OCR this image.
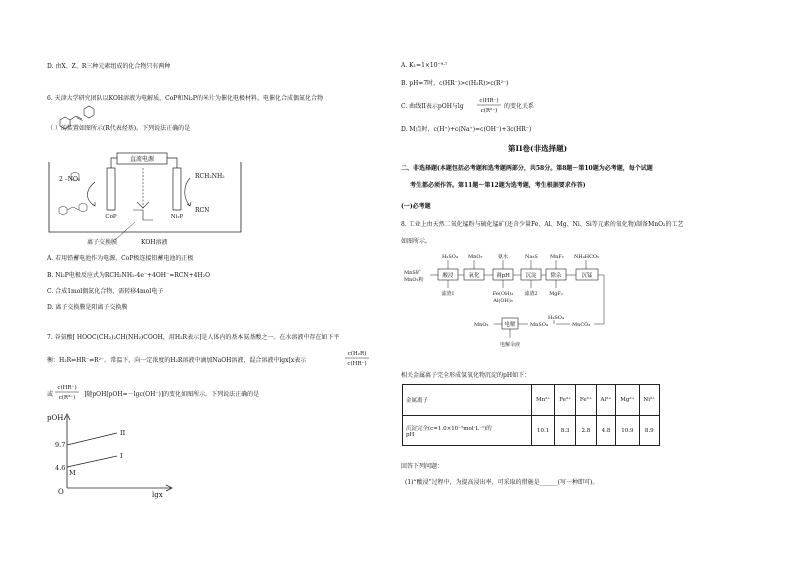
D. 由X、Z、R三种元素组成的化合物只有两种
6. 天津大学研究团队以KOH溶液为电解质，CoP和Ni₂P的米片为催化电极材料，电催化合成偶氮化合物
（ ）的装置如图所示(R代表烃基)。下列说法正确的是
直流电源
CoP	Ni₂P
2 –NO₂	RCH₂NH₂
RCN
离子交换膜	KOH溶液
A. 若用铅蓄电池作为电源，CoP极连接铅蓄电池的正极
B. Ni₂P电极反应式为RCH₂NH₂-4e⁻+4OH⁻=RCN+4H₂O
C. 合成1mol偶氮化合物，需转移4mol电子
D. 离子交换膜是阳离子交换膜
7. 谷氨酸[ HOOC(CH₂)₂CH(NH₂)COOH，用H₂R表示]是人体内的基本氨基酸之一。在水溶液中存在如下平
衡：H₂R⇌HR⁻⇌R²⁻。常温下，向一定浓度的H₂R溶液中滴加NaOH溶液，混合溶液中lgx[x表示
c(H₂R)
c(HR⁻)
或
c(HR⁻)
c(R²⁻) ]随pOH[pOH=－lgc(OH⁻)]的变化如图所示。下列说法正确的是
pOH
lgx
O
9.7
4.6
II
I
M
A. K₁=1×10⁻⁹·⁷
B. pH=7时，c(HR⁻)>c(H₂R)>c(R²⁻)
C. 曲线II表示pOH与lg
c(HR⁻)
c(R²⁻)
的变化关系
D. M点时，c(H⁺)+c(Na⁺)=c(OH⁻)+3c(HR⁻)
第II卷(非选择题)
二、非选择题(本题包括必考题和选考题两部分，共58分。第8题～第10题为必考题，每个试题
考生都必须作答。第11题～第12题为选考题，考生根据要求作答)
(一)必考题
8. 工业上由天然二氧化锰粉与硫化锰矿(还含少量Fe、Al、Mg、Ni、Si等元素的氧化物)制备MnO₂的工艺
如图所示。
MnS矿
MnO₂粉
H₂SO₄ MnO₂	氨水	Na₂S MnF₂ NH₄HCO₃
酸浸	氧化	调pH	沉淀	除杂	沉锰
滤渣1	Fe(OH)₃
Al(OH)₃
滤渣2 MgF₂
H₂SO₄
MnCO₃
MnSO₄
电解
MnO₂
电解余液
相关金属离子完全形成氢氧化物沉淀的pH如下：
金属离子	Mn²⁺	Fe²⁺	Fe³⁺	Al³⁺	Mg²⁺	Ni²⁺
沉淀完全(c=1.0×10⁻⁵mol·L⁻¹)的
pH	10.1	8.3	2.8	4.8	10.9	8.9
回答下列问题：
(1)“酸浸”过程中，为提高浸出率，可采取的措施是______(写一种即可)。
